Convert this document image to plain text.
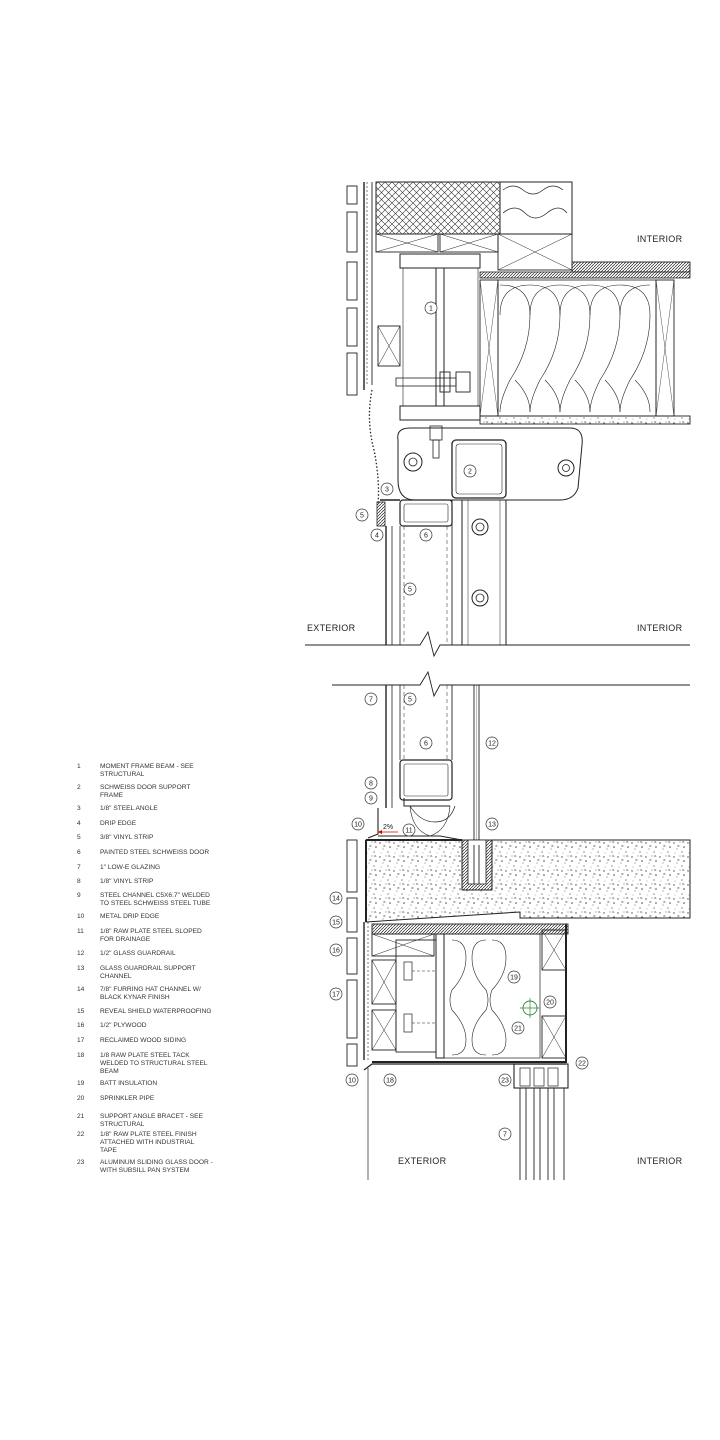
1
2
3
5
4	6
5
7	5
6	12
8
9
10
11
13
14
15
16
17
19
20
21
22
10	18	23
7
2%
INTERIOR
EXTERIOR	INTERIOR
EXTERIOR	INTERIOR
1	MOMENT FRAME BEAM - SEE
STRUCTURAL
2	SCHWEISS DOOR SUPPORT
FRAME
3	1/8" STEEL ANGLE
4	DRIP EDGE
5	3/8" VINYL STRIP
6	PAINTED STEEL SCHWEISS DOOR
7	1" LOW-E GLAZING
8	1/8" VINYL STRIP
9	STEEL CHANNEL C5X6.7" WELDED
TO STEEL SCHWEISS STEEL TUBE
10 METAL DRIP EDGE
11 1/8" RAW PLATE STEEL SLOPED
FOR DRAINAGE
12 1/2" GLASS GUARDRAIL
13 GLASS GUARDRAIL SUPPORT
CHANNEL
14 7/8" FURRING HAT CHANNEL W/
BLACK KYNAR FINISH
15 REVEAL SHIELD WATERPROOFING
16 1/2" PLYWOOD
17 RECLAIMED WOOD SIDING
18 1/8 RAW PLATE STEEL TACK
WELDED TO STRUCTURAL STEEL
BEAM
19 BATT INSULATION
20 SPRINKLER PIPE
21 SUPPORT ANGLE BRACET - SEE
STRUCTURAL
22 1/8" RAW PLATE STEEL FINISH
ATTACHED WITH INDUSTRIAL
TAPE
23 ALUMINUM SLIDING GLASS DOOR -
WITH SUBSILL PAN SYSTEM
